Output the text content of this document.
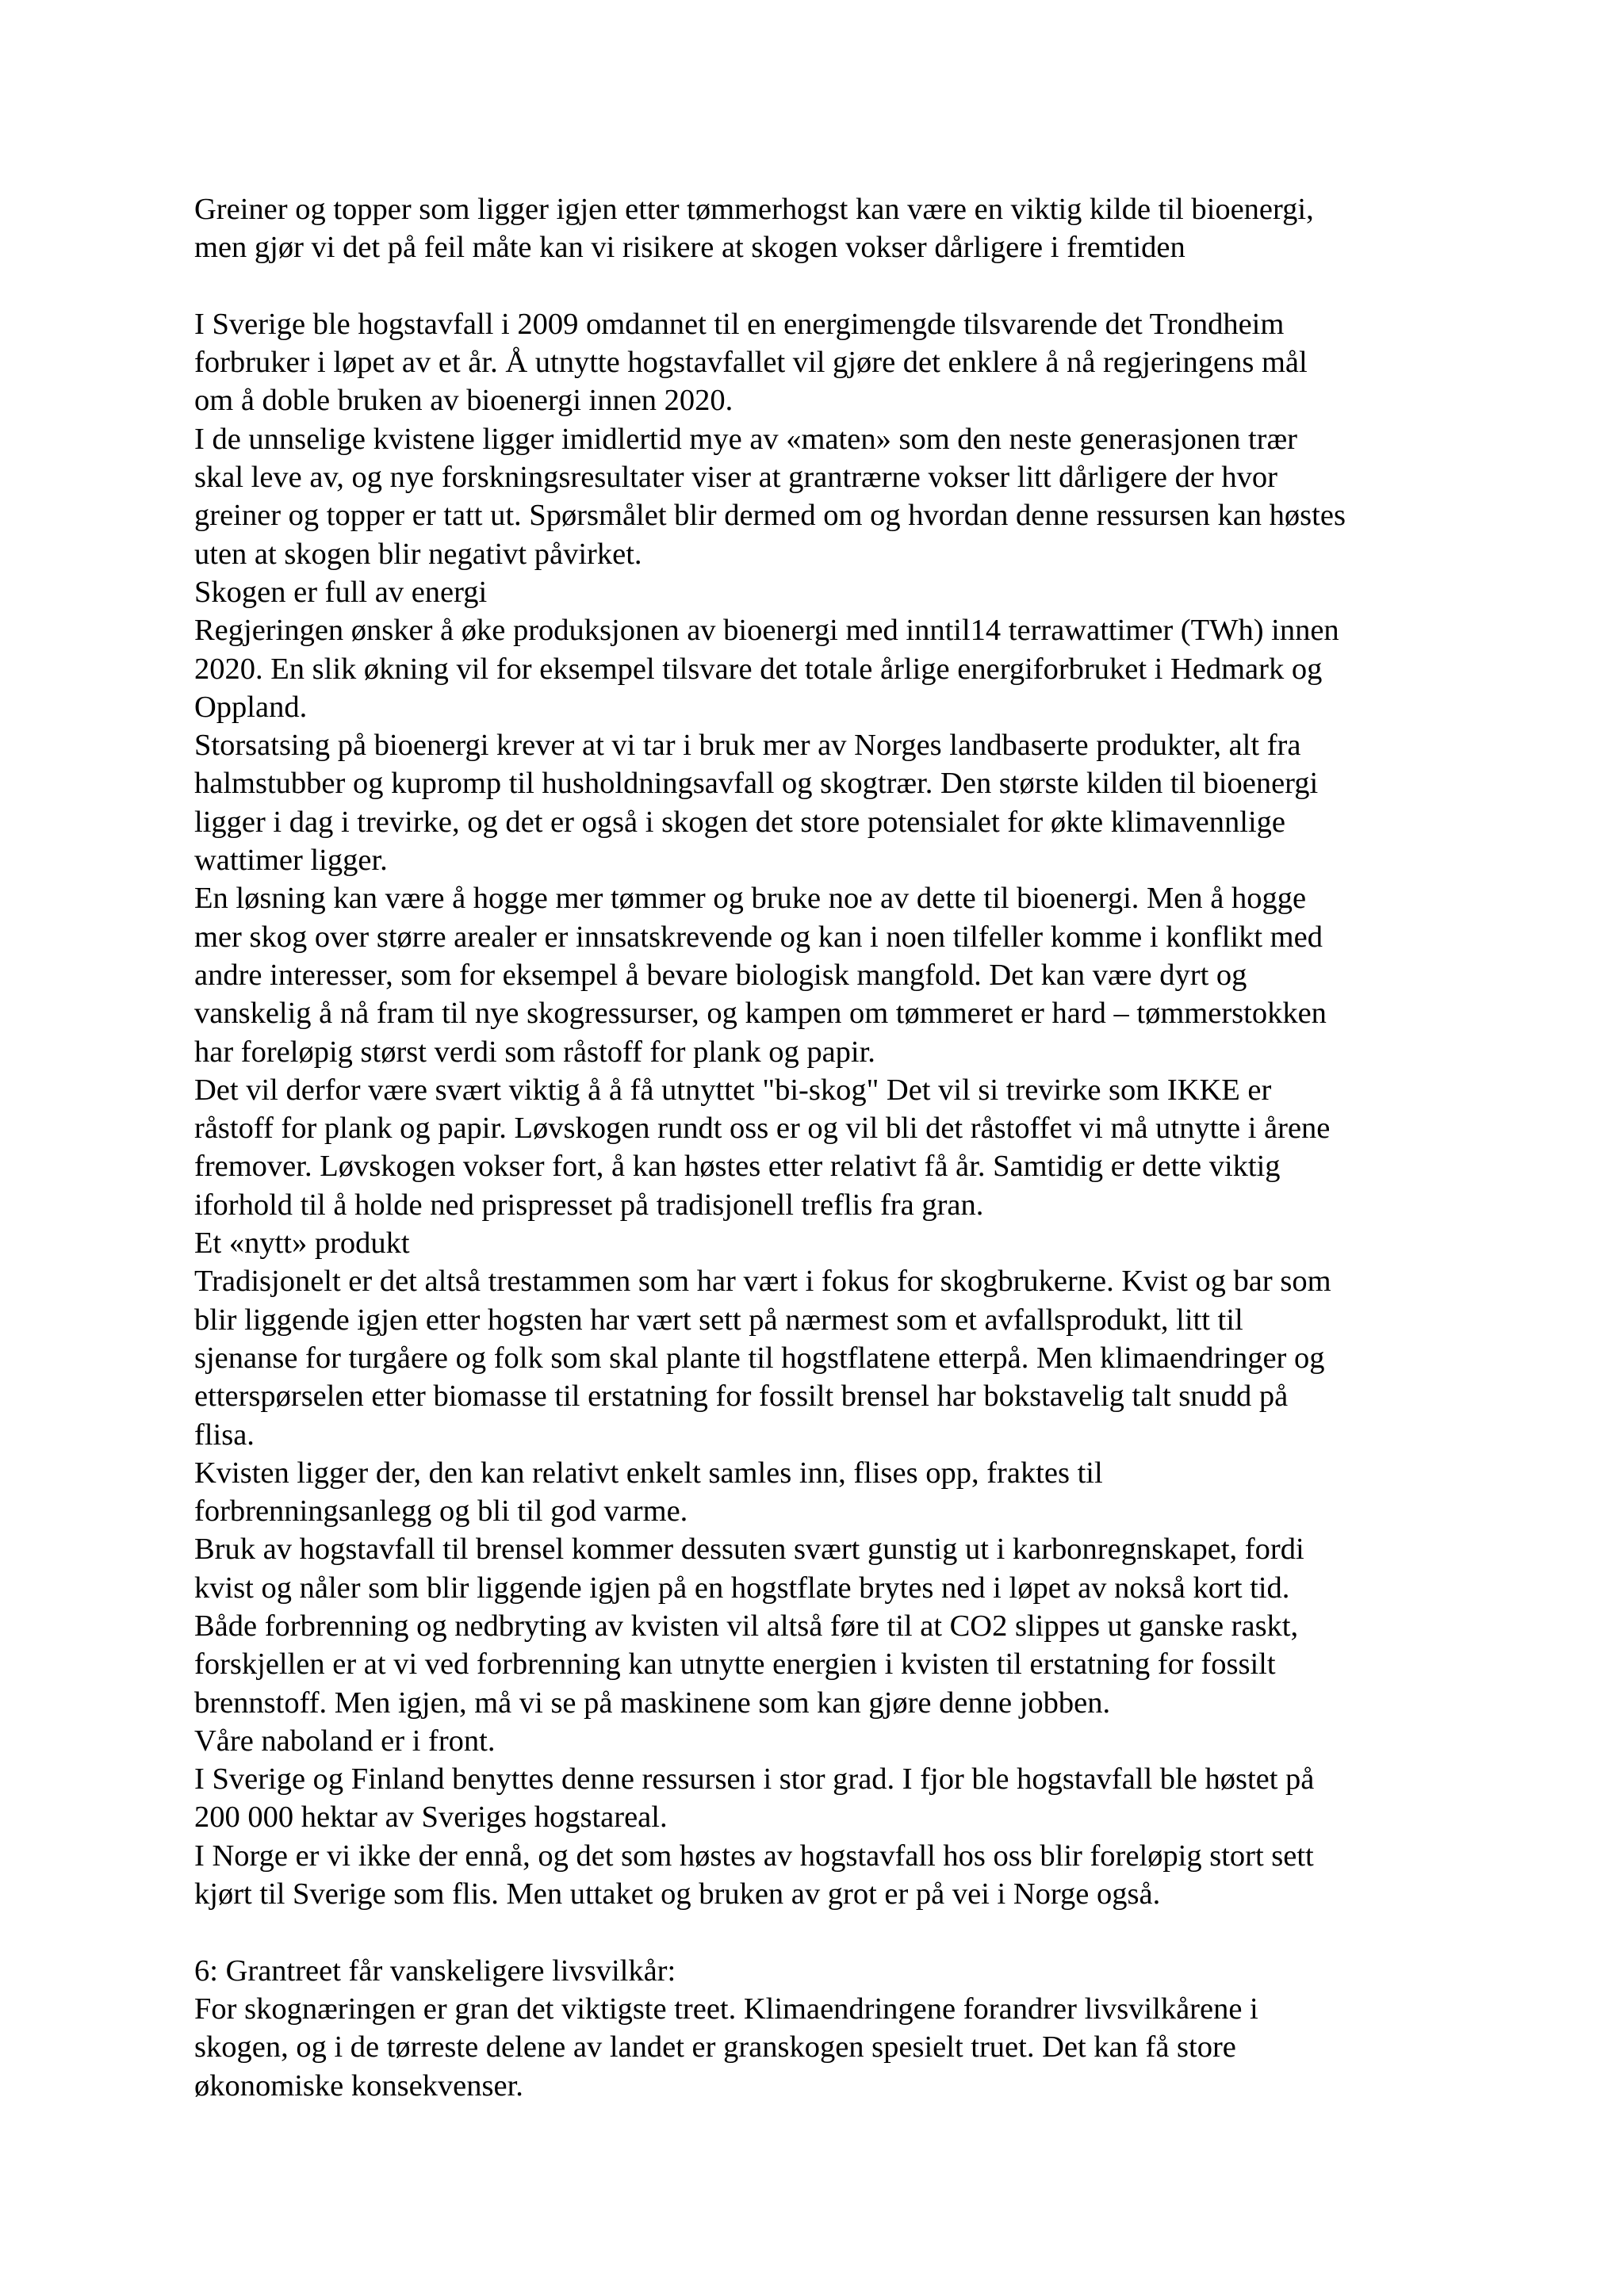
Greiner og topper som ligger igjen etter tømmerhogst kan være en viktig kilde til bioenergi,
men gjør vi det på feil måte kan vi risikere at skogen vokser dårligere i fremtiden
I Sverige ble hogstavfall i 2009 omdannet til en energimengde tilsvarende det Trondheim
forbruker i løpet av et år. Å utnytte hogstavfallet vil gjøre det enklere å nå regjeringens mål
om å doble bruken av bioenergi innen 2020.
I de unnselige kvistene ligger imidlertid mye av «maten» som den neste generasjonen trær
skal leve av, og nye forskningsresultater viser at grantrærne vokser litt dårligere der hvor
greiner og topper er tatt ut. Spørsmålet blir dermed om og hvordan denne ressursen kan høstes
uten at skogen blir negativt påvirket.
Skogen er full av energi
Regjeringen ønsker å øke produksjonen av bioenergi med inntil14 terrawattimer (TWh) innen
2020. En slik økning vil for eksempel tilsvare det totale årlige energiforbruket i Hedmark og
Oppland.
Storsatsing på bioenergi krever at vi tar i bruk mer av Norges landbaserte produkter, alt fra
halmstubber og kupromp til husholdningsavfall og skogtrær. Den største kilden til bioenergi
ligger i dag i trevirke, og det er også i skogen det store potensialet for økte klimavennlige
wattimer ligger.
En løsning kan være å hogge mer tømmer og bruke noe av dette til bioenergi. Men å hogge
mer skog over større arealer er innsatskrevende og kan i noen tilfeller komme i konflikt med
andre interesser, som for eksempel å bevare biologisk mangfold. Det kan være dyrt og
vanskelig å nå fram til nye skogressurser, og kampen om tømmeret er hard – tømmerstokken
har foreløpig størst verdi som råstoff for plank og papir.
Det vil derfor være svært viktig å å få utnyttet "bi-skog" Det vil si trevirke som IKKE er
råstoff for plank og papir. Løvskogen rundt oss er og vil bli det råstoffet vi må utnytte i årene
fremover. Løvskogen vokser fort, å kan høstes etter relativt få år. Samtidig er dette viktig
iforhold til å holde ned prispresset på tradisjonell treflis fra gran.
Et «nytt» produkt
Tradisjonelt er det altså trestammen som har vært i fokus for skogbrukerne. Kvist og bar som
blir liggende igjen etter hogsten har vært sett på nærmest som et avfallsprodukt, litt til
sjenanse for turgåere og folk som skal plante til hogstflatene etterpå. Men klimaendringer og
etterspørselen etter biomasse til erstatning for fossilt brensel har bokstavelig talt snudd på
flisa.
Kvisten ligger der, den kan relativt enkelt samles inn, flises opp, fraktes til
forbrenningsanlegg og bli til god varme.
Bruk av hogstavfall til brensel kommer dessuten svært gunstig ut i karbonregnskapet, fordi
kvist og nåler som blir liggende igjen på en hogstflate brytes ned i løpet av nokså kort tid.
Både forbrenning og nedbryting av kvisten vil altså føre til at CO2 slippes ut ganske raskt,
forskjellen er at vi ved forbrenning kan utnytte energien i kvisten til erstatning for fossilt
brennstoff. Men igjen, må vi se på maskinene som kan gjøre denne jobben.
Våre naboland er i front.
I Sverige og Finland benyttes denne ressursen i stor grad. I fjor ble hogstavfall ble høstet på
200 000 hektar av Sveriges hogstareal.
I Norge er vi ikke der ennå, og det som høstes av hogstavfall hos oss blir foreløpig stort sett
kjørt til Sverige som flis. Men uttaket og bruken av grot er på vei i Norge også.
6: Grantreet får vanskeligere livsvilkår:
For skognæringen er gran det viktigste treet. Klimaendringene forandrer livsvilkårene i
skogen, og i de tørreste delene av landet er granskogen spesielt truet. Det kan få store
økonomiske konsekvenser.
